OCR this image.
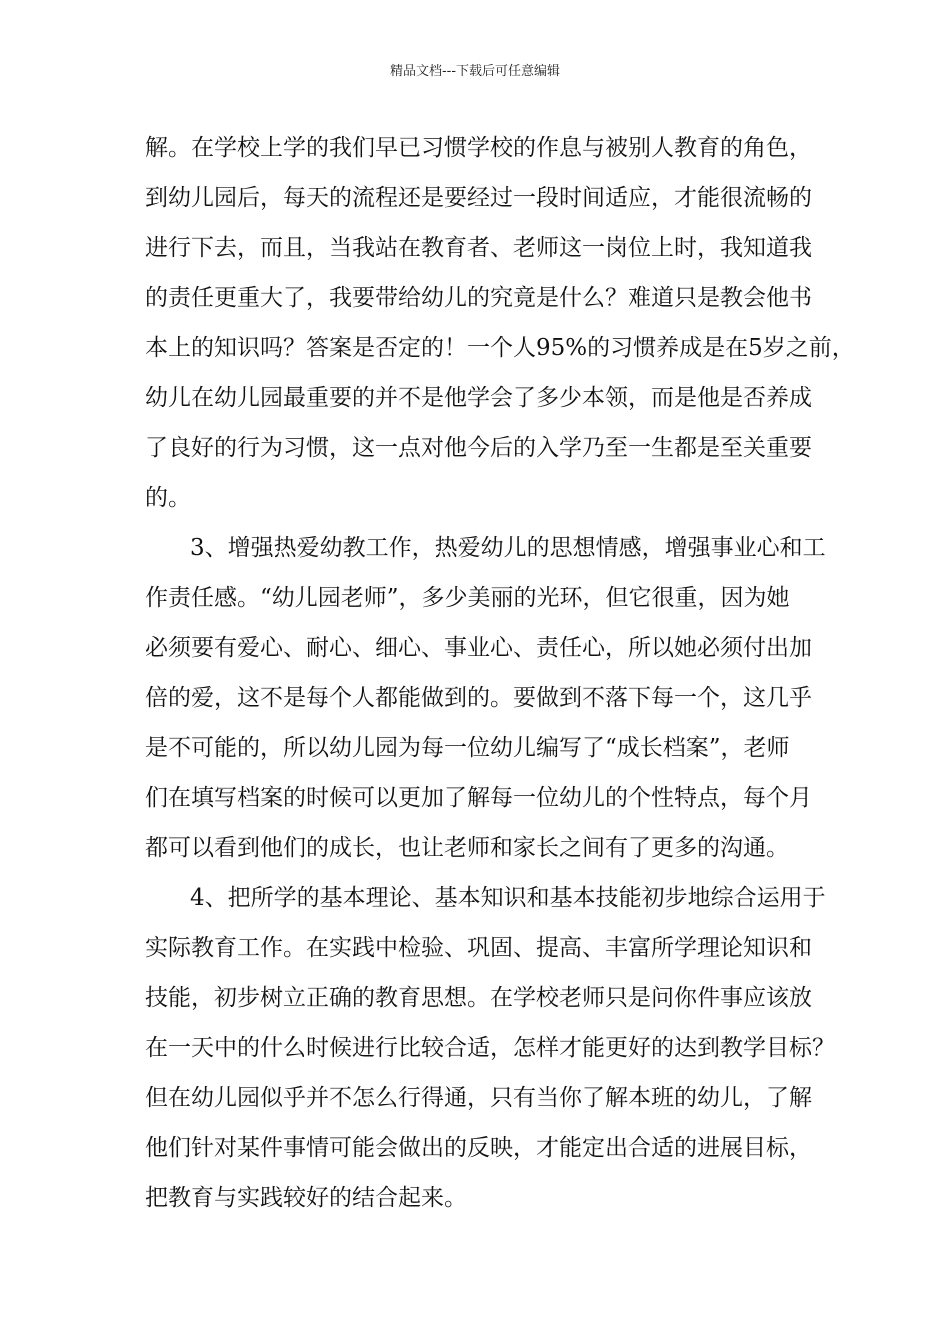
精品文档---下载后可任意编辑
解。在学校上学的我们早已习惯学校的作息与被别人教育的角色，
到幼儿园后，每天的流程还是要经过一段时间适应，才能很流畅的
进行下去，而且，当我站在教育者、老师这一岗位上时，我知道我
的责任更重大了，我要带给幼儿的究竟是什么？难道只是教会他书
本上的知识吗？答案是否定的！一个人95%的习惯养成是在5岁之前，
幼儿在幼儿园最重要的并不是他学会了多少本领，而是他是否养成
了良好的行为习惯，这一点对他今后的入学乃至一生都是至关重要
的。
3、增强热爱幼教工作，热爱幼儿的思想情感，增强事业心和工
作责任感。“幼儿园老师”，多少美丽的光环，但它很重，因为她
必须要有爱心、耐心、细心、事业心、责任心，所以她必须付出加
倍的爱，这不是每个人都能做到的。要做到不落下每一个，这几乎
是不可能的，所以幼儿园为每一位幼儿编写了“成长档案”，老师
们在填写档案的时候可以更加了解每一位幼儿的个性特点，每个月
都可以看到他们的成长，也让老师和家长之间有了更多的沟通。
4、把所学的基本理论、基本知识和基本技能初步地综合运用于
实际教育工作。在实践中检验、巩固、提高、丰富所学理论知识和
技能，初步树立正确的教育思想。在学校老师只是问你件事应该放
在一天中的什么时候进行比较合适，怎样才能更好的达到教学目标？
但在幼儿园似乎并不怎么行得通，只有当你了解本班的幼儿，了解
他们针对某件事情可能会做出的反映，才能定出合适的进展目标，
把教育与实践较好的结合起来。
